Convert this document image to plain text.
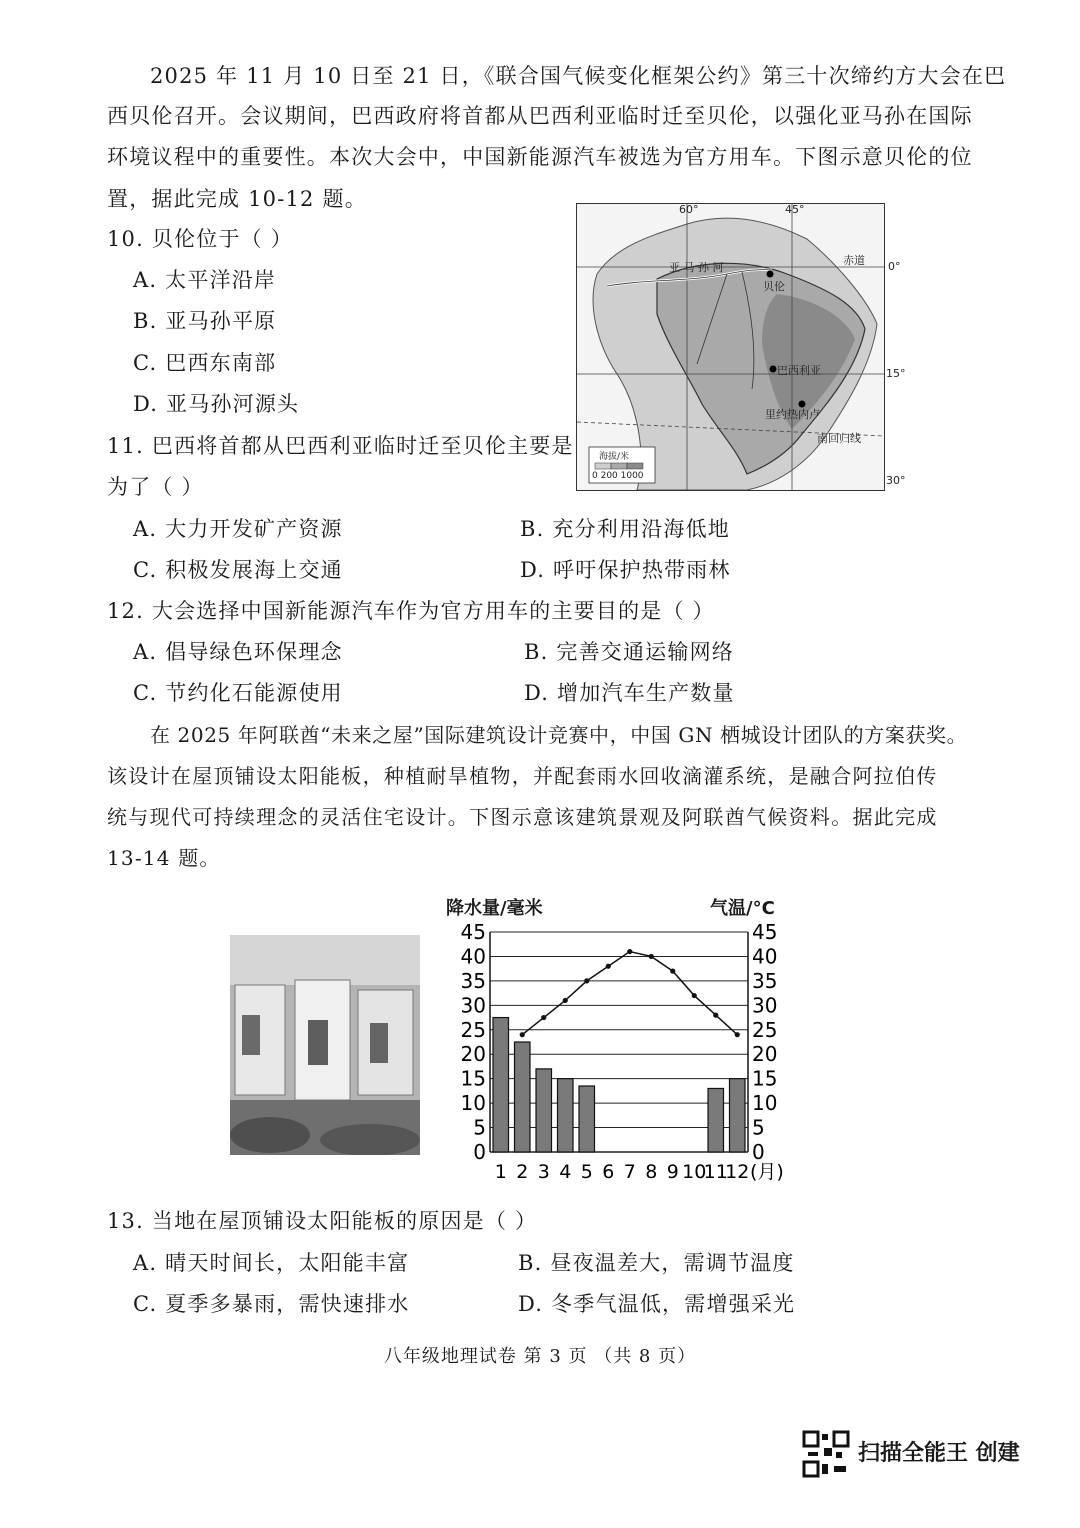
2025 年 11 月 10 日至 21 日，《联合国气候变化框架公约》第三十次缔约方大会在巴
西贝伦召开。会议期间，巴西政府将首都从巴西利亚临时迁至贝伦，以强化亚马孙在国际
环境议程中的重要性。本次大会中，中国新能源汽车被选为官方用车。下图示意贝伦的位
置，据此完成 10-12 题。
10. 贝伦位于（ ）
A. 太平洋沿岸
B. 亚马孙平原
C. 巴西东南部
D. 亚马孙河源头
11. 巴西将首都从巴西利亚临时迁至贝伦主要是
为了（ ）
A. 大力开发矿产资源	B. 充分利用沿海低地
C. 积极发展海上交通	D. 呼吁保护热带雨林
12. 大会选择中国新能源汽车作为官方用车的主要目的是（ ）
A. 倡导绿色环保理念	B. 完善交通运输网络
C. 节约化石能源使用	D. 增加汽车生产数量
在 2025 年阿联酋“未来之屋”国际建筑设计竞赛中，中国 GN 栖城设计团队的方案获奖。
该设计在屋顶铺设太阳能板，种植耐旱植物，并配套雨水回收滴灌系统，是融合阿拉伯传
统与现代可持续理念的灵活住宅设计。下图示意该建筑景观及阿联酋气候资料。据此完成
13-14 题。
60°	45°
赤道
南回归线
亚 马 孙 河
贝伦
巴西利亚
里约热内卢
海拔/米
0 200 1000
0°
15°
30°
降水量/毫米	气温/°C
0	0
5	5
10	10
15	15
20	20
25	25
30	30
35	35
40	40
45	45
1 2 3 4 5 6 7 8 9 10
11
12 (月)
13. 当地在屋顶铺设太阳能板的原因是（ ）
A. 晴天时间长，太阳能丰富	B. 昼夜温差大，需调节温度
C. 夏季多暴雨，需快速排水	D. 冬季气温低，需增强采光
八年级地理试卷 第 3 页 （共 8 页）
扫描全能王 创建
